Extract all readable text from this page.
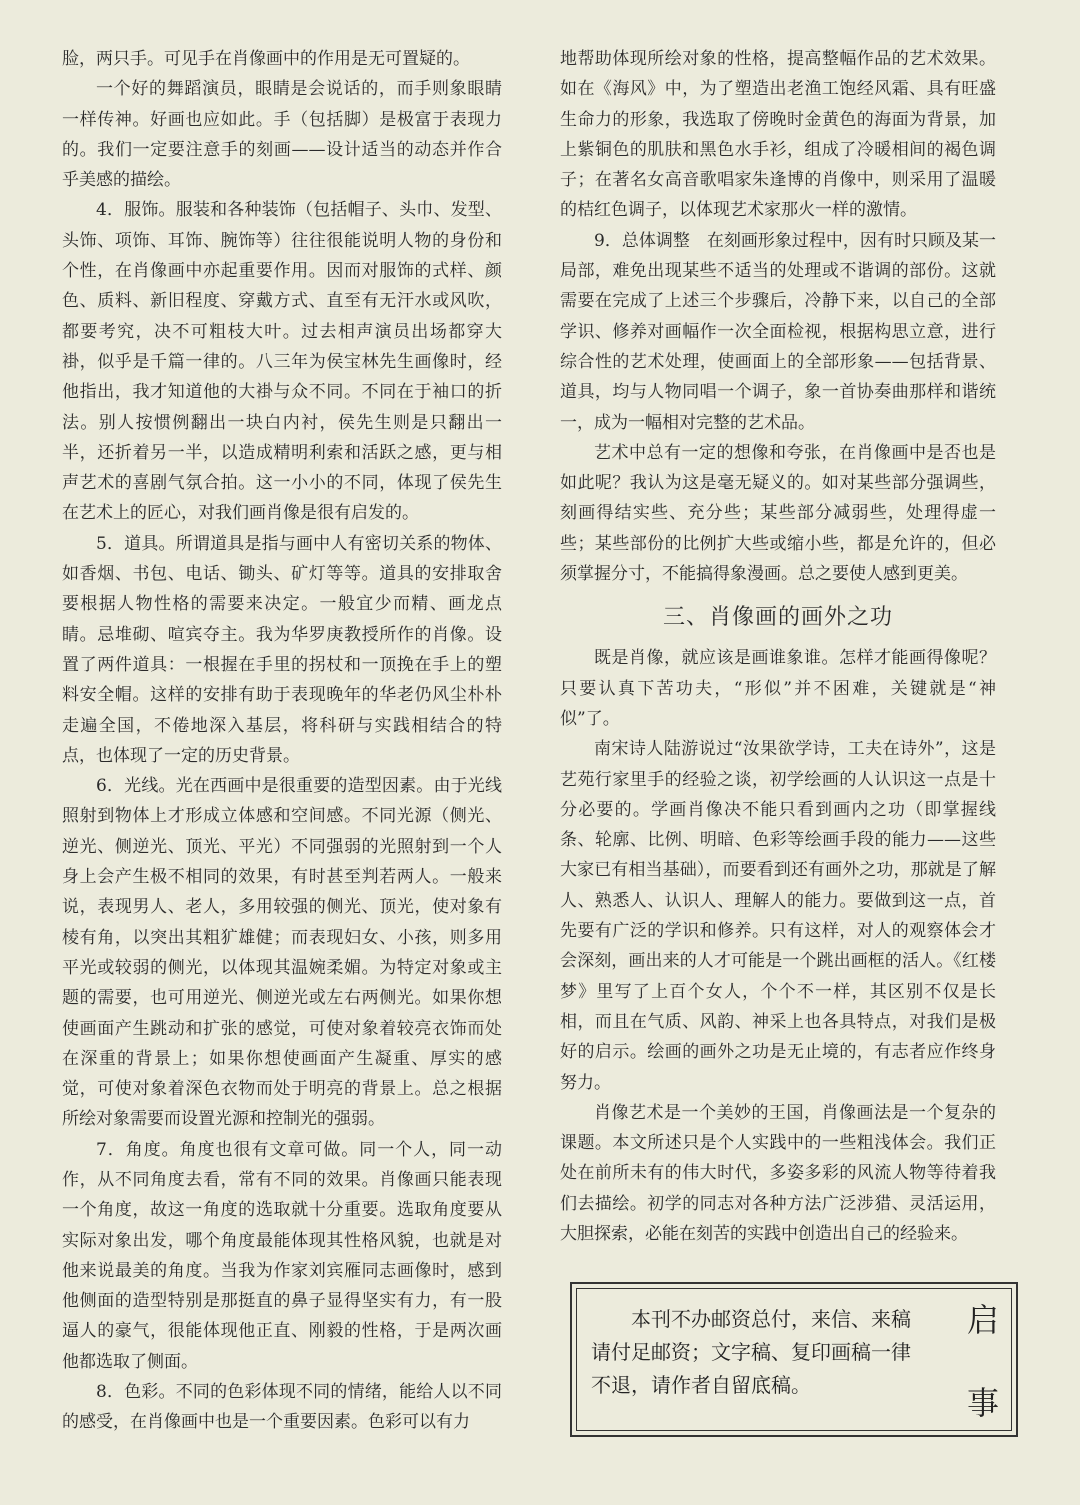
脸，两只手。可见手在肖像画中的作用是无可置疑的。

一个好的舞蹈演员，眼睛是会说话的，而手则象眼睛一样传神。好画也应如此。手（包括脚）是极富于表现力的。我们一定要注意手的刻画——设计适当的动态并作合乎美感的描绘。

4．服饰。服装和各种装饰（包括帽子、头巾、发型、头饰、项饰、耳饰、腕饰等）往往很能说明人物的身份和个性，在肖像画中亦起重要作用。因而对服饰的式样、颜色、质料、新旧程度、穿戴方式、直至有无汗水或风吹，都要考究，决不可粗枝大叶。过去相声演员出场都穿大褂，似乎是千篇一律的。八三年为侯宝林先生画像时，经他指出，我才知道他的大褂与众不同。不同在于袖口的折法。别人按惯例翻出一块白内衬，侯先生则是只翻出一半，还折着另一半，以造成精明利索和活跃之感，更与相声艺术的喜剧气氛合拍。这一小小的不同，体现了侯先生在艺术上的匠心，对我们画肖像是很有启发的。

5．道具。所谓道具是指与画中人有密切关系的物体、如香烟、书包、电话、锄头、矿灯等等。道具的安排取舍要根据人物性格的需要来决定。一般宜少而精、画龙点睛。忌堆砌、喧宾夺主。我为华罗庚教授所作的肖像。设置了两件道具：一根握在手里的拐杖和一顶挽在手上的塑料安全帽。这样的安排有助于表现晚年的华老仍风尘朴朴走遍全国，不倦地深入基层，将科研与实践相结合的特点，也体现了一定的历史背景。

6．光线。光在西画中是很重要的造型因素。由于光线照射到物体上才形成立体感和空间感。不同光源（侧光、逆光、侧逆光、顶光、平光）不同强弱的光照射到一个人身上会产生极不相同的效果，有时甚至判若两人。一般来说，表现男人、老人，多用较强的侧光、顶光，使对象有棱有角，以突出其粗犷雄健；而表现妇女、小孩，则多用平光或较弱的侧光，以体现其温婉柔媚。为特定对象或主题的需要，也可用逆光、侧逆光或左右两侧光。如果你想使画面产生跳动和扩张的感觉，可使对象着较亮衣饰而处在深重的背景上；如果你想使画面产生凝重、厚实的感觉，可使对象着深色衣物而处于明亮的背景上。总之根据所绘对象需要而设置光源和控制光的强弱。

7．角度。角度也很有文章可做。同一个人，同一动作，从不同角度去看，常有不同的效果。肖像画只能表现一个角度，故这一角度的选取就十分重要。选取角度要从实际对象出发，哪个角度最能体现其性格风貌，也就是对他来说最美的角度。当我为作家刘宾雁同志画像时，感到他侧面的造型特别是那挺直的鼻子显得坚实有力，有一股逼人的豪气，很能体现他正直、刚毅的性格，于是两次画他都选取了侧面。

8．色彩。不同的色彩体现不同的情绪，能给人以不同的感受，在肖像画中也是一个重要因素。色彩可以有力

地帮助体现所绘对象的性格，提高整幅作品的艺术效果。如在《海风》中，为了塑造出老渔工饱经风霜、具有旺盛生命力的形象，我选取了傍晚时金黄色的海面为背景，加上紫铜色的肌肤和黑色水手衫，组成了冷暖相间的褐色调子；在著名女高音歌唱家朱逢博的肖像中，则采用了温暖的桔红色调子，以体现艺术家那火一样的激情。

9．总体调整　在刻画形象过程中，因有时只顾及某一局部，难免出现某些不适当的处理或不谐调的部份。这就需要在完成了上述三个步骤后，冷静下来，以自己的全部学识、修养对画幅作一次全面检视，根据构思立意，进行综合性的艺术处理，使画面上的全部形象——包括背景、道具，均与人物同唱一个调子，象一首协奏曲那样和谐统一，成为一幅相对完整的艺术品。

艺术中总有一定的想像和夸张，在肖像画中是否也是如此呢？我认为这是毫无疑义的。如对某些部分强调些，刻画得结实些、充分些；某些部分减弱些，处理得虚一些；某些部份的比例扩大些或缩小些，都是允许的，但必须掌握分寸，不能搞得象漫画。总之要使人感到更美。

三、肖像画的画外之功

既是肖像，就应该是画谁象谁。怎样才能画得像呢？只要认真下苦功夫，“形似”并不困难，关键就是“神似”了。

南宋诗人陆游说过“汝果欲学诗，工夫在诗外”，这是艺苑行家里手的经验之谈，初学绘画的人认识这一点是十分必要的。学画肖像决不能只看到画内之功（即掌握线条、轮廓、比例、明暗、色彩等绘画手段的能力——这些大家已有相当基础），而要看到还有画外之功，那就是了解人、熟悉人、认识人、理解人的能力。要做到这一点，首先要有广泛的学识和修养。只有这样，对人的观察体会才会深刻，画出来的人才可能是一个跳出画框的活人。《红楼梦》里写了上百个女人，个个不一样，其区别不仅是长相，而且在气质、风韵、神采上也各具特点，对我们是极好的启示。绘画的画外之功是无止境的，有志者应作终身努力。

肖像艺术是一个美妙的王国，肖像画法是一个复杂的课题。本文所述只是个人实践中的一些粗浅体会。我们正处在前所未有的伟大时代，多姿多彩的风流人物等待着我们去描绘。初学的同志对各种方法广泛涉猎、灵活运用，大胆探索，必能在刻苦的实践中创造出自己的经验来。

本刊不办邮资总付，来信、来稿
请付足邮资；文字稿、复印画稿一律
不退，请作者自留底稿。
启
事
